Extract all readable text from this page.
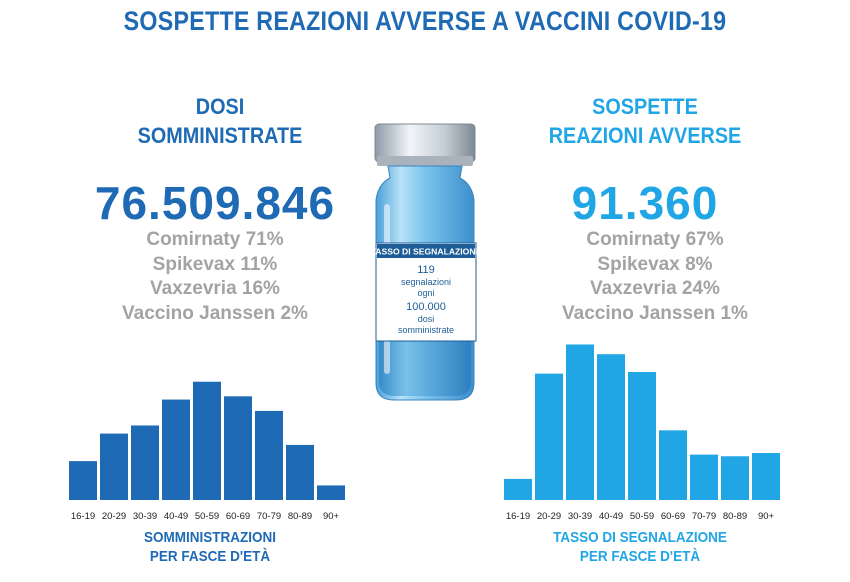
SOSPETTE REAZIONI AVVERSE A VACCINI COVID-19
DOSI
SOMMINISTRATE
76.509.846
Comirnaty 71%
Spikevax 11%
Vaxzevria 16%
Vaccino Janssen 2%
SOSPETTE
REAZIONI AVVERSE
91.360
Comirnaty 67%
Spikevax 8%
Vaxzevria 24%
Vaccino Janssen 1%
TASSO DI SEGNALAZIONE
119
segnalazioni
ogni
100.000
dosi
somministrate
16-19 20-29 30-39 40-49 50-59 60-69 70-79 80-89 90+	16-19 20-29 30-39 40-49 50-59 60-69 70-79 80-89 90+
SOMMINISTRAZIONI
PER FASCE D'ETÀ
TASSO DI SEGNALAZIONE
PER FASCE D'ETÀ
